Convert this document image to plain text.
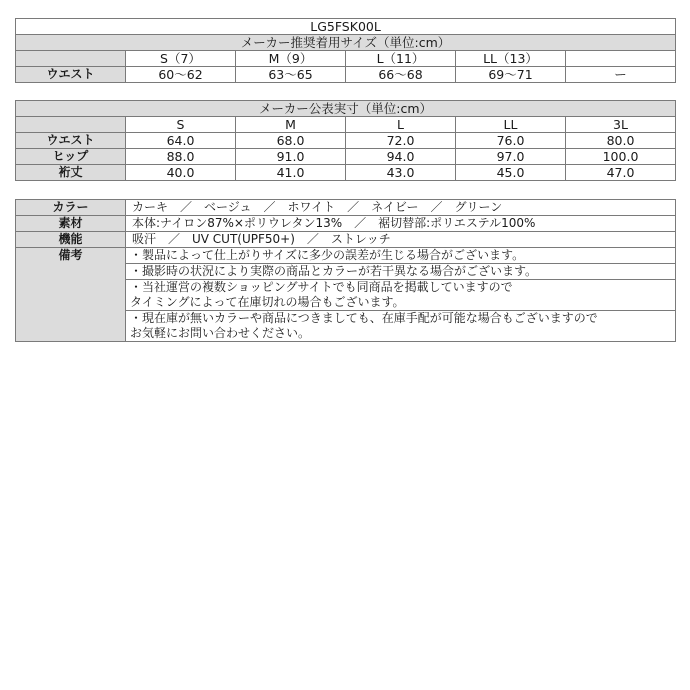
LG5FSK00L					
メーカー推奨着用サイズ（単位:cm）					
	S（7）	M（9）	L（11）	LL（13）	
ウエスト	60～62	63～65	66～68	69～71	ー
メーカー公表実寸（単位:cm）					
	S	M	L	LL	3L
ウエスト	64.0	68.0	72.0	76.0	80.0
ヒップ	88.0	91.0	94.0	97.0	100.0
裄丈	40.0	41.0	43.0	45.0	47.0
カラー	カーキ　／　ベージュ　／　ホワイト　／　ネイビー　／　グリーン
素材	本体:ナイロン87%×ポリウレタン13%　／　裾切替部:ポリエステル100%
機能	吸汗　／　UV CUT(UPF50+)　／　ストレッチ
備考	・製品によって仕上がりサイズに多少の誤差が生じる場合がございます。
	・撮影時の状況により実際の商品とカラーが若干異なる場合がございます。
	・当社運営の複数ショッピングサイトでも同商品を掲載していますので
タイミングによって在庫切れの場合もございます。
	・現在庫が無いカラーや商品につきましても、在庫手配が可能な場合もございますので
お気軽にお問い合わせください。
